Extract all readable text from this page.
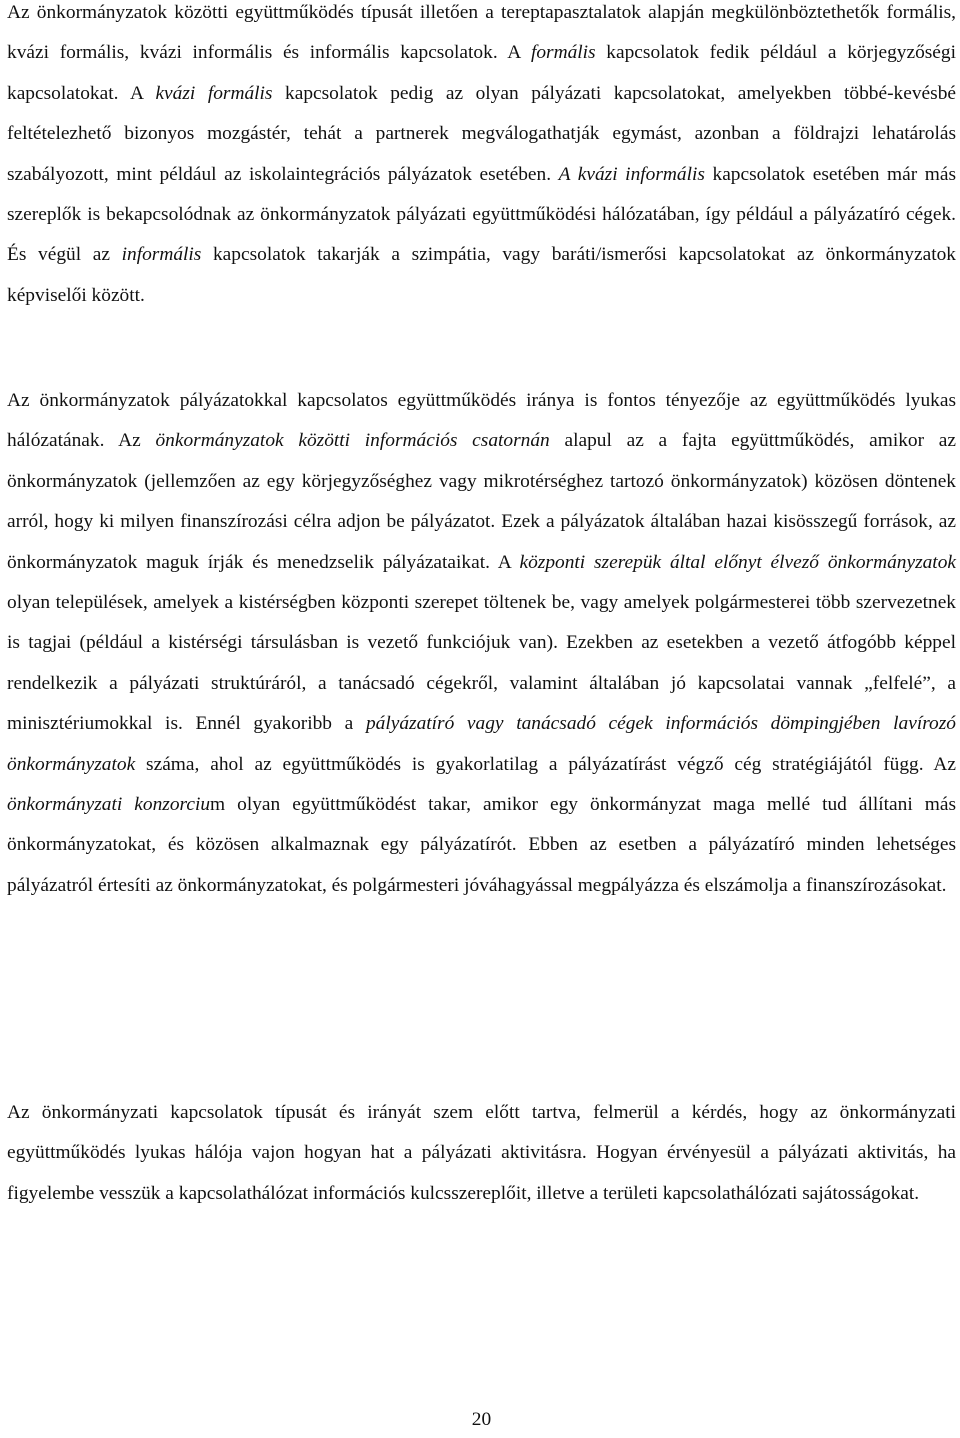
Az önkormányzatok közötti együttműködés típusát illetően a tereptapasztalatok alapján megkülönböztethetők formális, kvázi formális, kvázi informális és informális kapcsolatok. A formális kapcsolatok fedik például a körjegyzőségi kapcsolatokat. A kvázi formális kapcsolatok pedig az olyan pályázati kapcsolatokat, amelyekben többé-kevésbé feltételezhető bizonyos mozgástér, tehát a partnerek megválogathatják egymást, azonban a földrajzi lehatárolás szabályozott, mint például az iskolaintegrációs pályázatok esetében. A kvázi informális kapcsolatok esetében már más szereplők is bekapcsolódnak az önkormányzatok pályázati együttműködési hálózatában, így például a pályázatíró cégek. És végül az informális kapcsolatok takarják a szimpátia, vagy baráti/ismerősi kapcsolatokat az önkormányzatok képviselői között.

Az önkormányzatok pályázatokkal kapcsolatos együttműködés iránya is fontos tényezője az együttműködés lyukas hálózatának. Az önkormányzatok közötti információs csatornán alapul az a fajta együttműködés, amikor az önkormányzatok (jellemzően az egy körjegyzőséghez vagy mikrotérséghez tartozó önkormányzatok) közösen döntenek arról, hogy ki milyen finanszírozási célra adjon be pályázatot. Ezek a pályázatok általában hazai kisösszegű források, az önkormányzatok maguk írják és menedzselik pályázataikat. A központi szerepük által előnyt élvező önkormányzatok olyan települések, amelyek a kistérségben központi szerepet töltenek be, vagy amelyek polgármesterei több szervezetnek is tagjai (például a kistérségi társulásban is vezető funkciójuk van). Ezekben az esetekben a vezető átfogóbb képpel rendelkezik a pályázati struktúráról, a tanácsadó cégekről, valamint általában jó kapcsolatai vannak „felfelé”, a minisztériumokkal is. Ennél gyakoribb a pályázatíró vagy tanácsadó cégek információs dömpingjében lavírozó önkormányzatok száma, ahol az együttműködés is gyakorlatilag a pályázatírást végző cég stratégiájától függ. Az önkormányzati konzorcium olyan együttműködést takar, amikor egy önkormányzat maga mellé tud állítani más önkormányzatokat, és közösen alkalmaznak egy pályázatírót. Ebben az esetben a pályázatíró minden lehetséges pályázatról értesíti az önkormányzatokat, és polgármesteri jóváhagyással megpályázza és elszámolja a finanszírozásokat.

Az önkormányzati kapcsolatok típusát és irányát szem előtt tartva, felmerül a kérdés, hogy az önkormányzati együttműködés lyukas hálója vajon hogyan hat a pályázati aktivitásra. Hogyan érvényesül a pályázati aktivitás, ha figyelembe vesszük a kapcsolathálózat információs kulcsszereplőit, illetve a területi kapcsolathálózati sajátosságokat.

20
